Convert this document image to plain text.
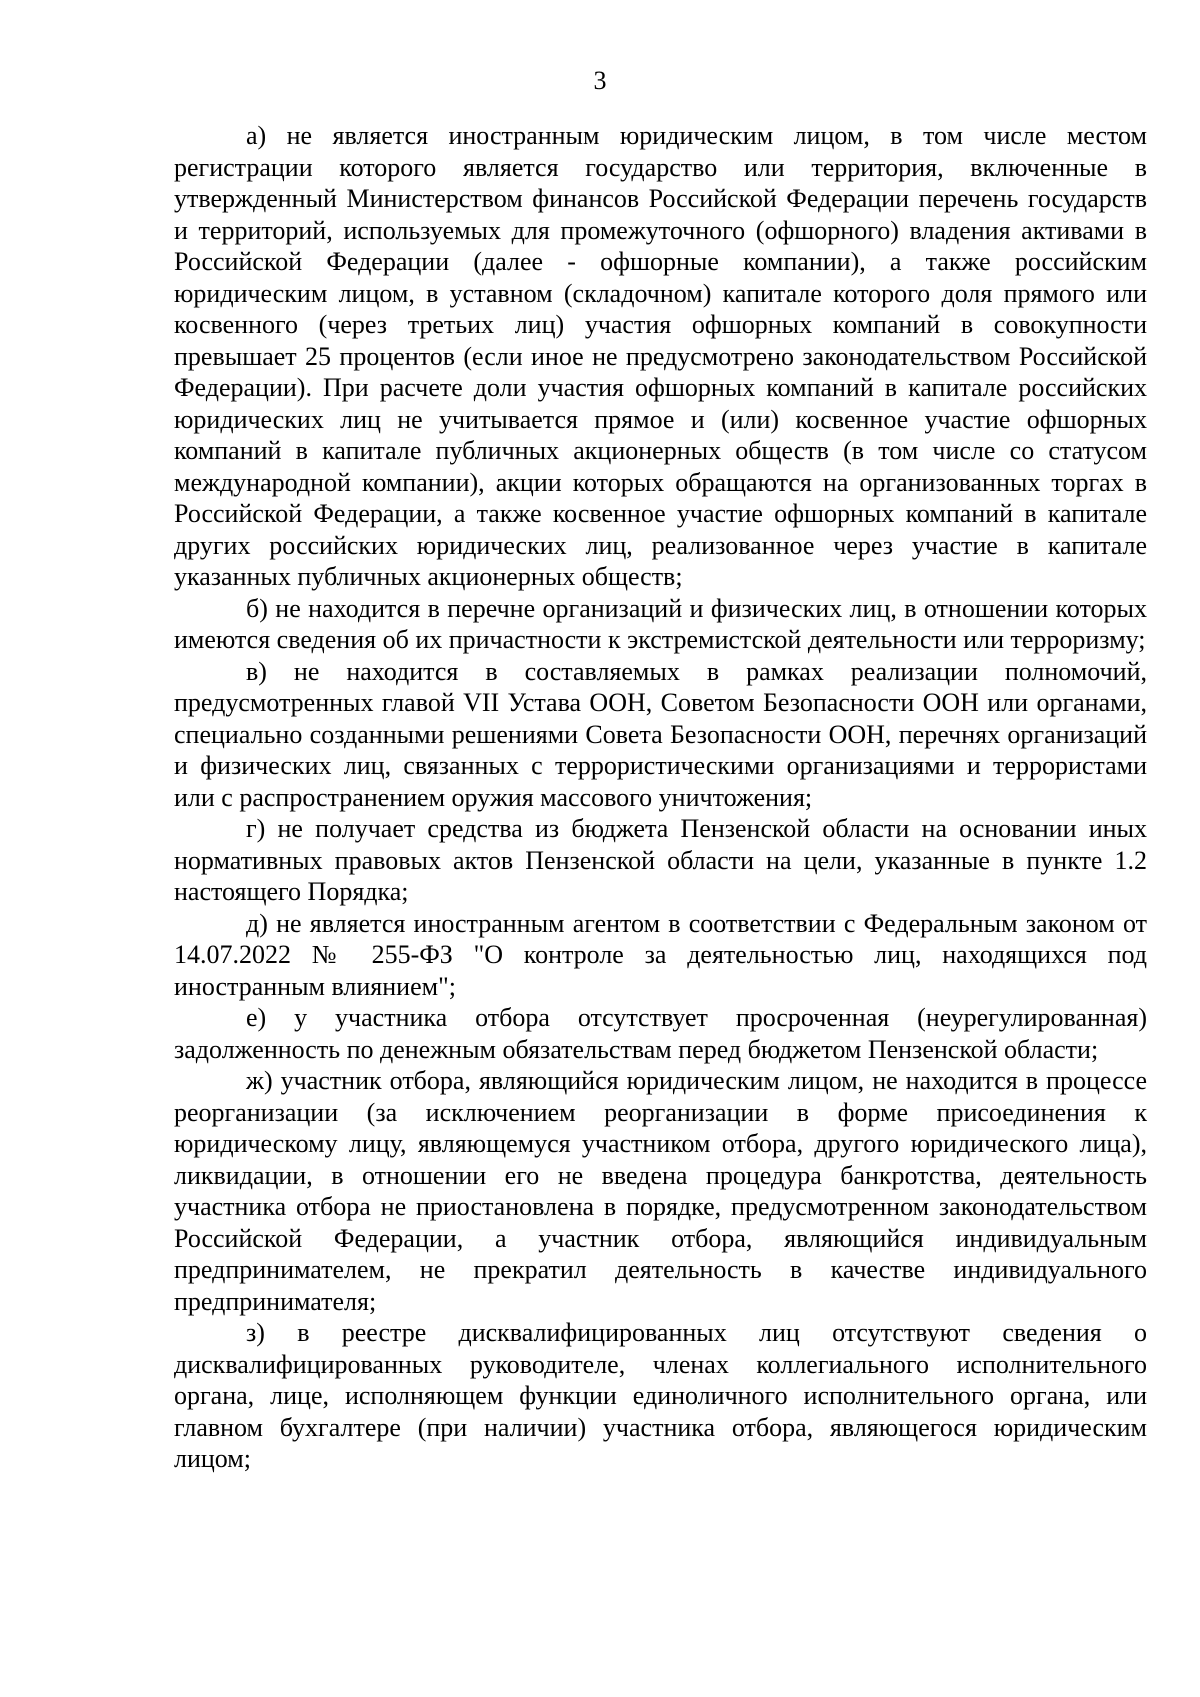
3

а) не является иностранным юридическим лицом, в том числе местом регистрации которого является государство или территория, включенные в утвержденный Министерством финансов Российской Федерации перечень государств и территорий, используемых для промежуточного (офшорного) владения активами в Российской Федерации (далее - офшорные компании), а также российским юридическим лицом, в уставном (складочном) капитале которого доля прямого или косвенного (через третьих лиц) участия офшорных компаний в совокупности превышает 25 процентов (если иное не предусмотрено законодательством Российской Федерации). При расчете доли участия офшорных компаний в капитале российских юридических лиц не учитывается прямое и (или) косвенное участие офшорных компаний в капитале публичных акционерных обществ (в том числе со статусом международной компании), акции которых обращаются на организованных торгах в Российской Федерации, а также косвенное участие офшорных компаний в капитале других российских юридических лиц, реализованное через участие в капитале указанных публичных акционерных обществ;

б) не находится в перечне организаций и физических лиц, в отношении которых имеются сведения об их причастности к экстремистской деятельности или терроризму;

в) не находится в составляемых в рамках реализации полномочий, предусмотренных главой VII Устава ООН, Советом Безопасности ООН или органами, специально созданными решениями Совета Безопасности ООН, перечнях организаций и физических лиц, связанных с террористическими организациями и террористами или с распространением оружия массового уничтожения;

г) не получает средства из бюджета Пензенской области на основании иных нормативных правовых актов Пензенской области на цели, указанные в пункте 1.2 настоящего Порядка;

д) не является иностранным агентом в соответствии с Федеральным законом от 14.07.2022 № 255-ФЗ "О контроле за деятельностью лиц, находящихся под иностранным влиянием";

е) у участника отбора отсутствует просроченная (неурегулированная) задолженность по денежным обязательствам перед бюджетом Пензенской области;

ж) участник отбора, являющийся юридическим лицом, не находится в процессе реорганизации (за исключением реорганизации в форме присоединения к юридическому лицу, являющемуся участником отбора, другого юридического лица), ликвидации, в отношении его не введена процедура банкротства, деятельность участника отбора не приостановлена в порядке, предусмотренном законодательством Российской Федерации, а участник отбора, являющийся индивидуальным предпринимателем, не прекратил деятельность в качестве индивидуального предпринимателя;

з) в реестре дисквалифицированных лиц отсутствуют сведения о дисквалифицированных руководителе, членах коллегиального исполнительного органа, лице, исполняющем функции единоличного исполнительного органа, или главном бухгалтере (при наличии) участника отбора, являющегося юридическим лицом;
